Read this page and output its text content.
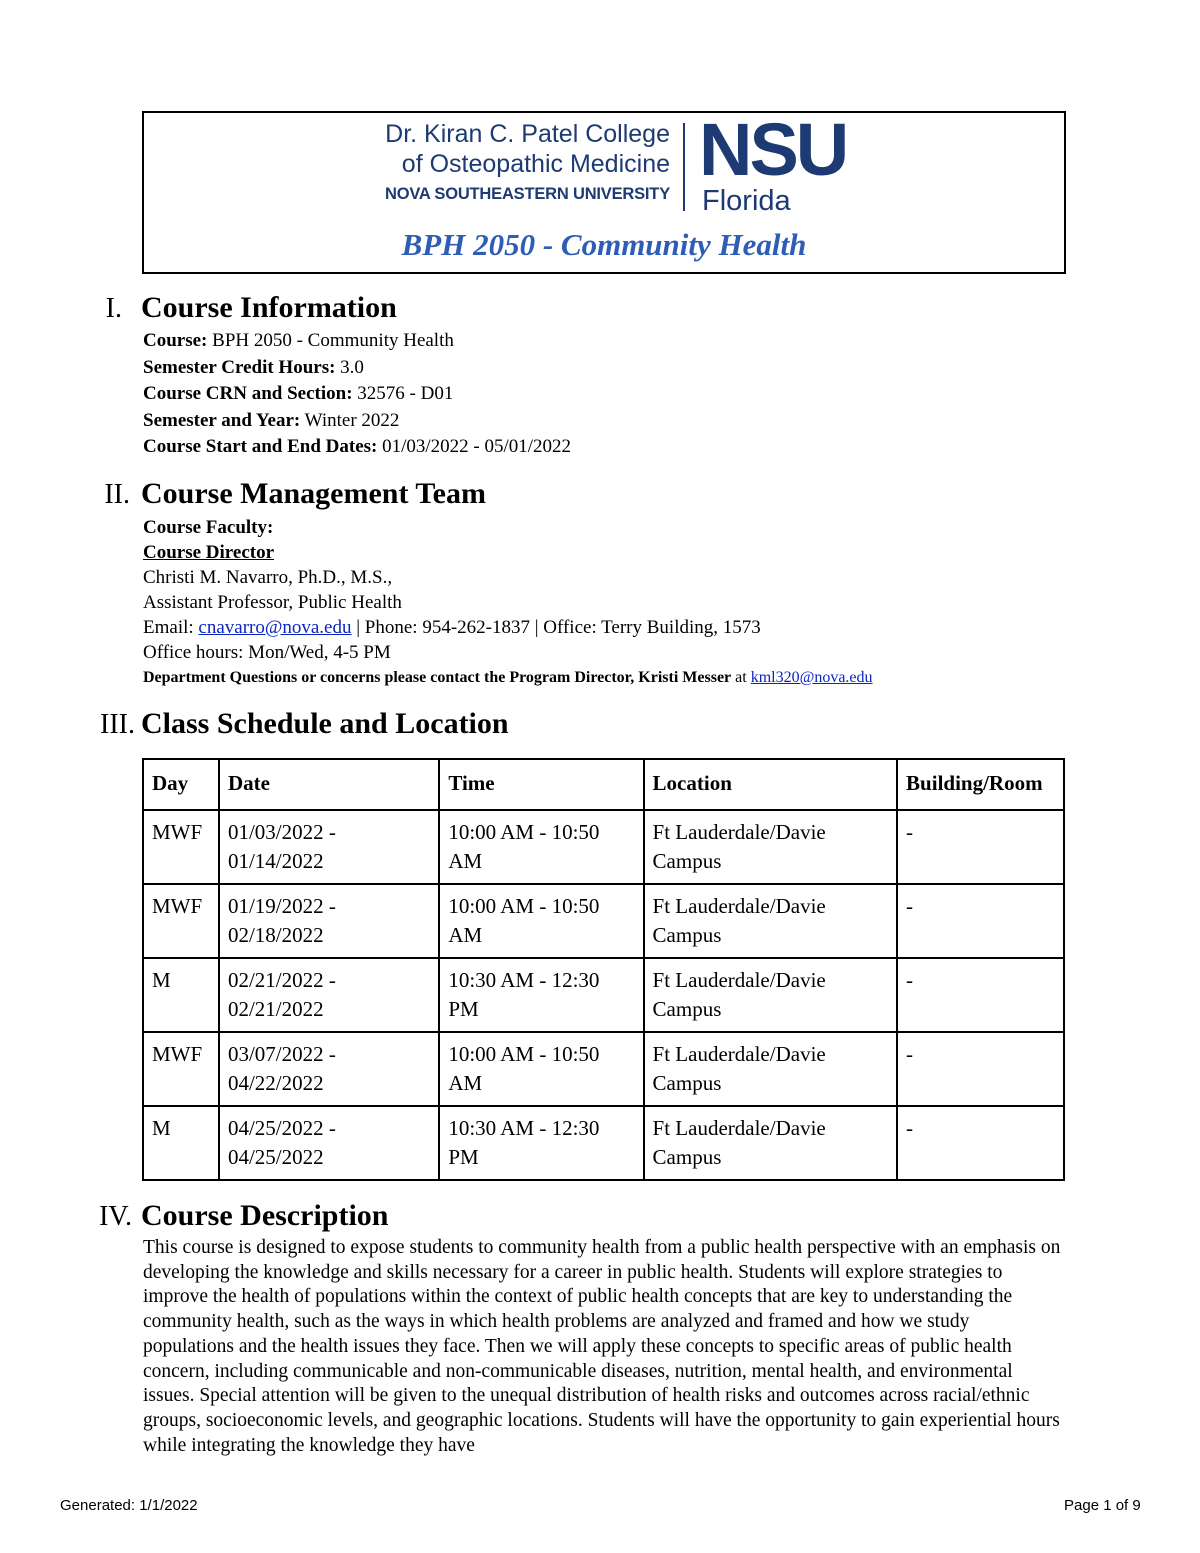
Dr. Kiran C. Patel College
of Osteopathic Medicine
NOVA SOUTHEASTERN UNIVERSITY
NSU
Florida
BPH 2050 - Community Health
I. Course Information
Course: BPH 2050 - Community Health
Semester Credit Hours: 3.0
Course CRN and Section: 32576 - D01
Semester and Year: Winter 2022
Course Start and End Dates: 01/03/2022 - 05/01/2022
II. Course Management Team
Course Faculty:
Course Director
Christi M. Navarro, Ph.D., M.S.,
Assistant Professor, Public Health
Email: cnavarro@nova.edu | Phone: 954-262-1837 | Office: Terry Building, 1573
Office hours: Mon/Wed, 4-5 PM
Department Questions or concerns please contact the Program Director, Kristi Messer at kml320@nova.edu
III. Class Schedule and Location
Day	Date	Time	Location	Building/Room
MWF	01/03/2022 - 01/14/2022	10:00 AM - 10:50 AM	Ft Lauderdale/Davie Campus	-
MWF	01/19/2022 - 02/18/2022	10:00 AM - 10:50 AM	Ft Lauderdale/Davie Campus	-
M	02/21/2022 - 02/21/2022	10:30 AM - 12:30 PM	Ft Lauderdale/Davie Campus	-
MWF	03/07/2022 - 04/22/2022	10:00 AM - 10:50 AM	Ft Lauderdale/Davie Campus	-
M	04/25/2022 - 04/25/2022	10:30 AM - 12:30 PM	Ft Lauderdale/Davie Campus	-
IV. Course Description
This course is designed to expose students to community health from a public health perspective with an emphasis on developing the knowledge and skills necessary for a career in public health. Students will explore strategies to improve the health of populations within the context of public health concepts that are key to understanding the community health, such as the ways in which health problems are analyzed and framed and how we study populations and the health issues they face. Then we will apply these concepts to specific areas of public health concern, including communicable and non-communicable diseases, nutrition, mental health, and environmental issues. Special attention will be given to the unequal distribution of health risks and outcomes across racial/ethnic groups, socioeconomic levels, and geographic locations. Students will have the opportunity to gain experiential hours while integrating the knowledge they have
Generated: 1/1/2022	Page 1 of 9
